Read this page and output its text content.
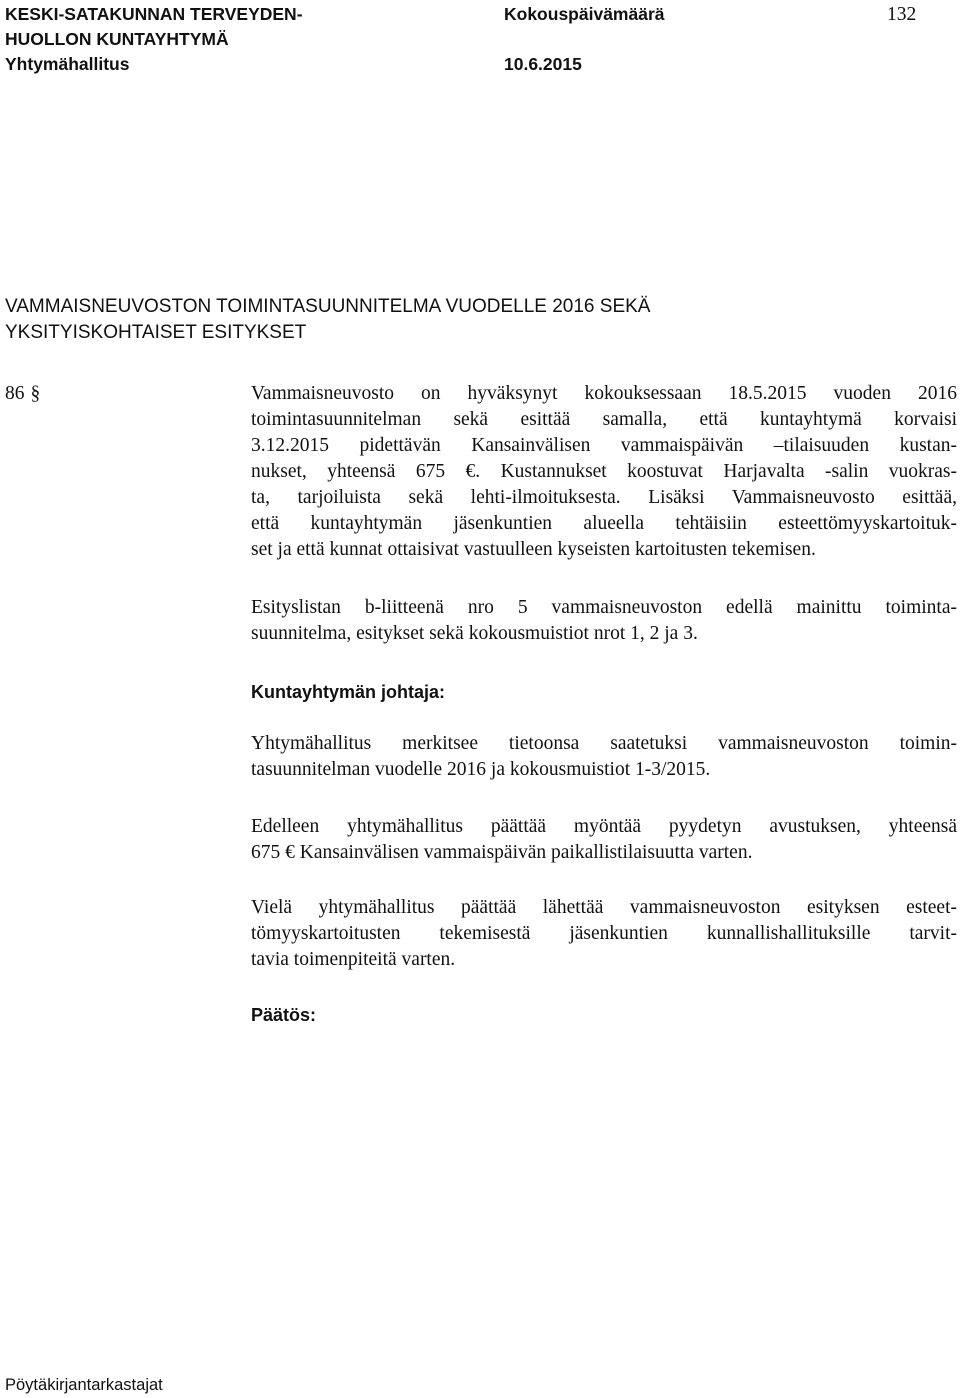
KESKI-SATAKUNNAN TERVEYDEN-
HUOLLON KUNTAYHTYMÄ
Yhtymähallitus
Kokouspäivämäärä

10.6.2015
132
VAMMAISNEUVOSTON TOIMINTASUUNNITELMA VUODELLE 2016 SEKÄ
YKSITYISKOHTAISET ESITYKSET
86 §	Vammaisneuvosto on hyväksynyt kokouksessaan 18.5.2015 vuoden 2016
toimintasuunnitelman sekä esittää samalla, että kuntayhtymä korvaisi
3.12.2015 pidettävän Kansainvälisen vammaispäivän –tilaisuuden kustan-
nukset, yhteensä 675 €. Kustannukset koostuvat Harjavalta -salin vuokras-
ta, tarjoiluista sekä lehti-ilmoituksesta. Lisäksi Vammaisneuvosto esittää,
että kuntayhtymän jäsenkuntien alueella tehtäisiin esteettömyyskartoituk-
set ja että kunnat ottaisivat vastuulleen kyseisten kartoitusten tekemisen.
Esityslistan b-liitteenä nro 5 vammaisneuvoston edellä mainittu toiminta-
suunnitelma, esitykset sekä kokousmuistiot nrot 1, 2 ja 3.
Kuntayhtymän johtaja:
Yhtymähallitus merkitsee tietoonsa saatetuksi vammaisneuvoston toimin-
tasuunnitelman vuodelle 2016 ja kokousmuistiot 1-3/2015.
Edelleen yhtymähallitus päättää myöntää pyydetyn avustuksen, yhteensä
675 € Kansainvälisen vammaispäivän paikallistilaisuutta varten.
Vielä yhtymähallitus päättää lähettää vammaisneuvoston esityksen esteet-
tömyyskartoitusten tekemisestä jäsenkuntien kunnallishallituksille tarvit-
tavia toimenpiteitä varten.
Päätös:
Pöytäkirjantarkastajat
